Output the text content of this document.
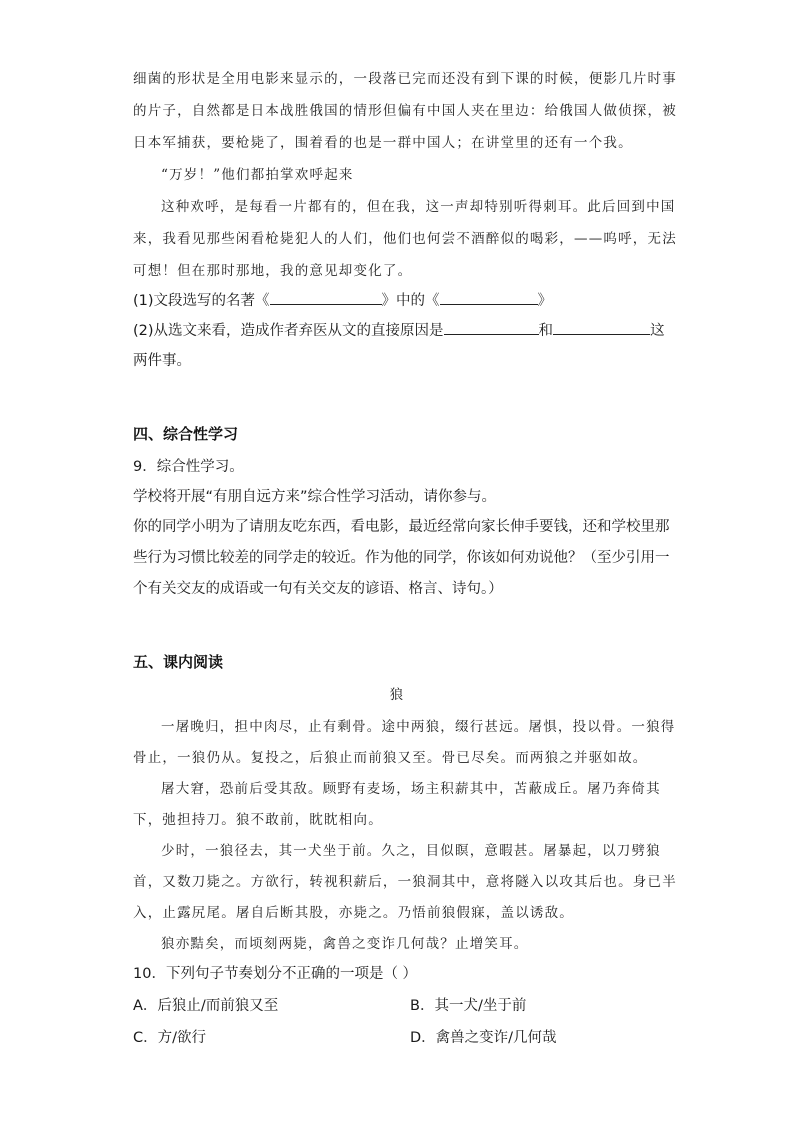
细菌的形状是全用电影来显示的，一段落已完而还没有到下课的时候，便影几片时事
的片子，自然都是日本战胜俄国的情形但偏有中国人夹在里边：给俄国人做侦探，被
日本军捕获，要枪毙了，围着看的也是一群中国人；在讲堂里的还有一个我。
“万岁！”他们都拍掌欢呼起来
这种欢呼，是每看一片都有的，但在我，这一声却特别听得刺耳。此后回到中国
来，我看见那些闲看枪毙犯人的人们，他们也何尝不酒醉似的喝彩，——呜呼，无法
可想！但在那时那地，我的意见却变化了。
(1)文段选写的名著《	》中的《	》
(2)从选文来看，造成作者弃医从文的直接原因是	和	这
两件事。
四、综合性学习
9．综合性学习。
学校将开展“有朋自远方来”综合性学习活动，请你参与。
你的同学小明为了请朋友吃东西，看电影，最近经常向家长伸手要钱，还和学校里那
些行为习惯比较差的同学走的较近。作为他的同学，你该如何劝说他？（至少引用一
个有关交友的成语或一句有关交友的谚语、格言、诗句。）
五、课内阅读
狼
一屠晚归，担中肉尽，止有剩骨。途中两狼，缀行甚远。屠惧，投以骨。一狼得
骨止，一狼仍从。复投之，后狼止而前狼又至。骨已尽矣。而两狼之并驱如故。
屠大窘，恐前后受其敌。顾野有麦场，场主积薪其中，苫蔽成丘。屠乃奔倚其
下，弛担持刀。狼不敢前，眈眈相向。
少时，一狼径去，其一犬坐于前。久之，目似瞑，意暇甚。屠暴起，以刀劈狼
首，又数刀毙之。方欲行，转视积薪后，一狼洞其中，意将隧入以攻其后也。身已半
入，止露尻尾。屠自后断其股，亦毙之。乃悟前狼假寐，盖以诱敌。
狼亦黠矣，而顷刻两毙，禽兽之变诈几何哉？止增笑耳。
10．下列句子节奏划分不正确的一项是（ ）
A．后狼止/而前狼又至	B．其一犬/坐于前
C．方/欲行	D．禽兽之变诈/几何哉
